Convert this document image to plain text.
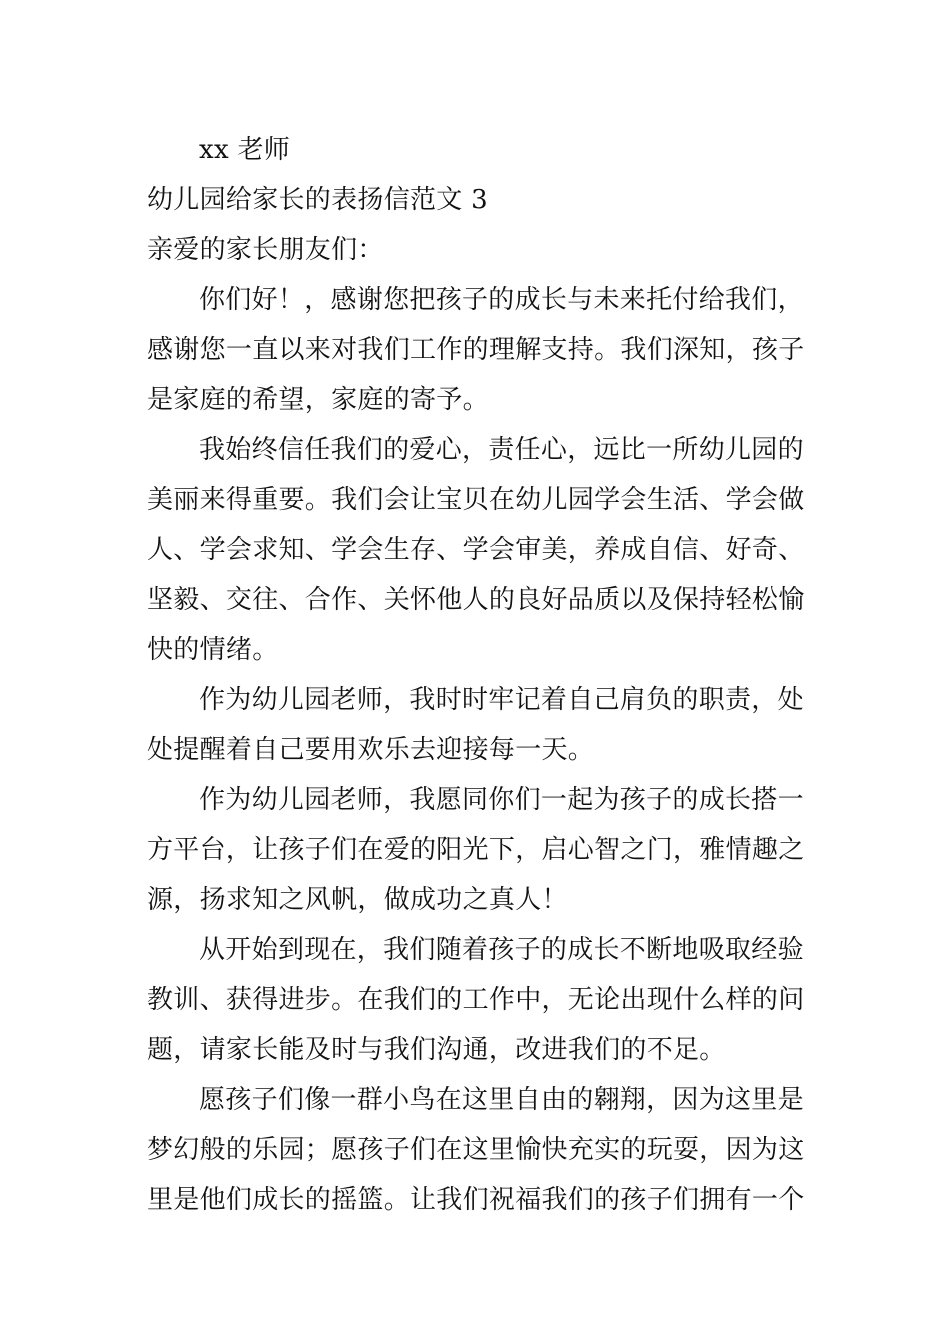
xx 老师
幼儿园给家长的表扬信范文 3
亲爱的家长朋友们：
你们好！，感谢您把孩子的成长与未来托付给我们，
感谢您一直以来对我们工作的理解支持。我们深知，孩子
是家庭的希望，家庭的寄予。
我始终信任我们的爱心，责任心，远比一所幼儿园的
美丽来得重要。我们会让宝贝在幼儿园学会生活、学会做
人、学会求知、学会生存、学会审美，养成自信、好奇、
坚毅、交往、合作、关怀他人的良好品质以及保持轻松愉
快的情绪。
作为幼儿园老师，我时时牢记着自己肩负的职责，处
处提醒着自己要用欢乐去迎接每一天。
作为幼儿园老师，我愿同你们一起为孩子的成长搭一
方平台，让孩子们在爱的阳光下，启心智之门，雅情趣之
源，扬求知之风帆，做成功之真人！
从开始到现在，我们随着孩子的成长不断地吸取经验
教训、获得进步。在我们的工作中，无论出现什么样的问
题，请家长能及时与我们沟通，改进我们的不足。
愿孩子们像一群小鸟在这里自由的翱翔，因为这里是
梦幻般的乐园；愿孩子们在这里愉快充实的玩耍，因为这
里是他们成长的摇篮。让我们祝福我们的孩子们拥有一个
